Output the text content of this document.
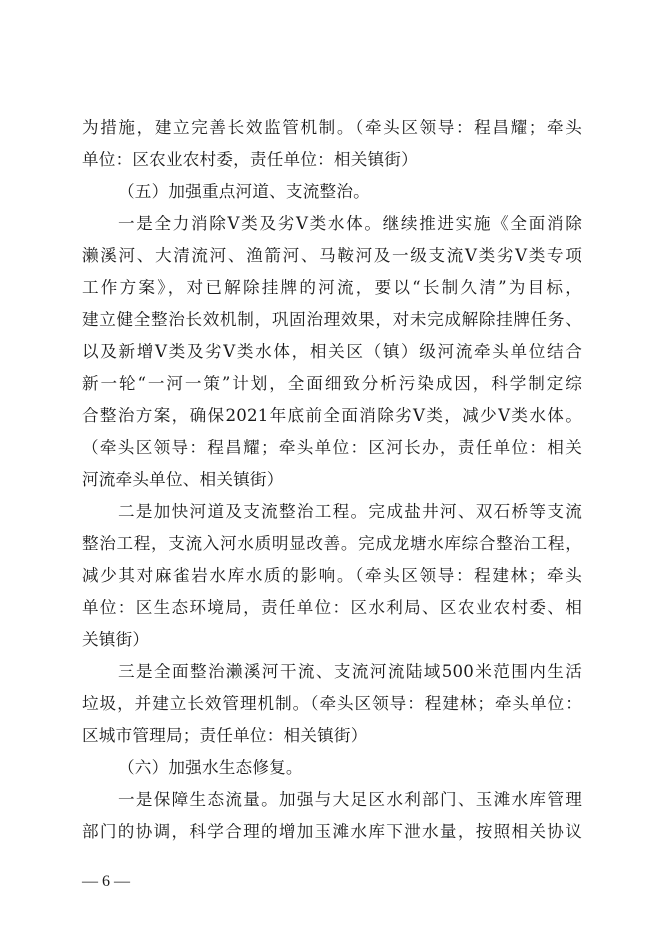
为措施，建立完善长效监管机制。（牵头区领导：程昌耀；牵头
单位：区农业农村委，责任单位：相关镇街）
（五）加强重点河道、支流整治。
一是全力消除Ⅴ类及劣Ⅴ类水体。继续推进实施《全面消除
濑溪河、大清流河、渔箭河、马鞍河及一级支流Ⅴ类劣Ⅴ类专项
工作方案》，对已解除挂牌的河流，要以“长制久清”为目标，
建立健全整治长效机制，巩固治理效果，对未完成解除挂牌任务、
以及新增Ⅴ类及劣Ⅴ类水体，相关区（镇）级河流牵头单位结合
新一轮“一河一策”计划，全面细致分析污染成因，科学制定综
合整治方案，确保2021年底前全面消除劣Ⅴ类，减少Ⅴ类水体。
（牵头区领导：程昌耀；牵头单位：区河长办，责任单位：相关
河流牵头单位、相关镇街）
二是加快河道及支流整治工程。完成盐井河、双石桥等支流
整治工程，支流入河水质明显改善。完成龙塘水库综合整治工程，
减少其对麻雀岩水库水质的影响。（牵头区领导：程建林；牵头
单位：区生态环境局，责任单位：区水利局、区农业农村委、相
关镇街）
三是全面整治濑溪河干流、支流河流陆域500米范围内生活
垃圾，并建立长效管理机制。（牵头区领导：程建林；牵头单位：
区城市管理局；责任单位：相关镇街）
（六）加强水生态修复。
一是保障生态流量。加强与大足区水利部门、玉滩水库管理
部门的协调，科学合理的增加玉滩水库下泄水量，按照相关协议
— 6 —
